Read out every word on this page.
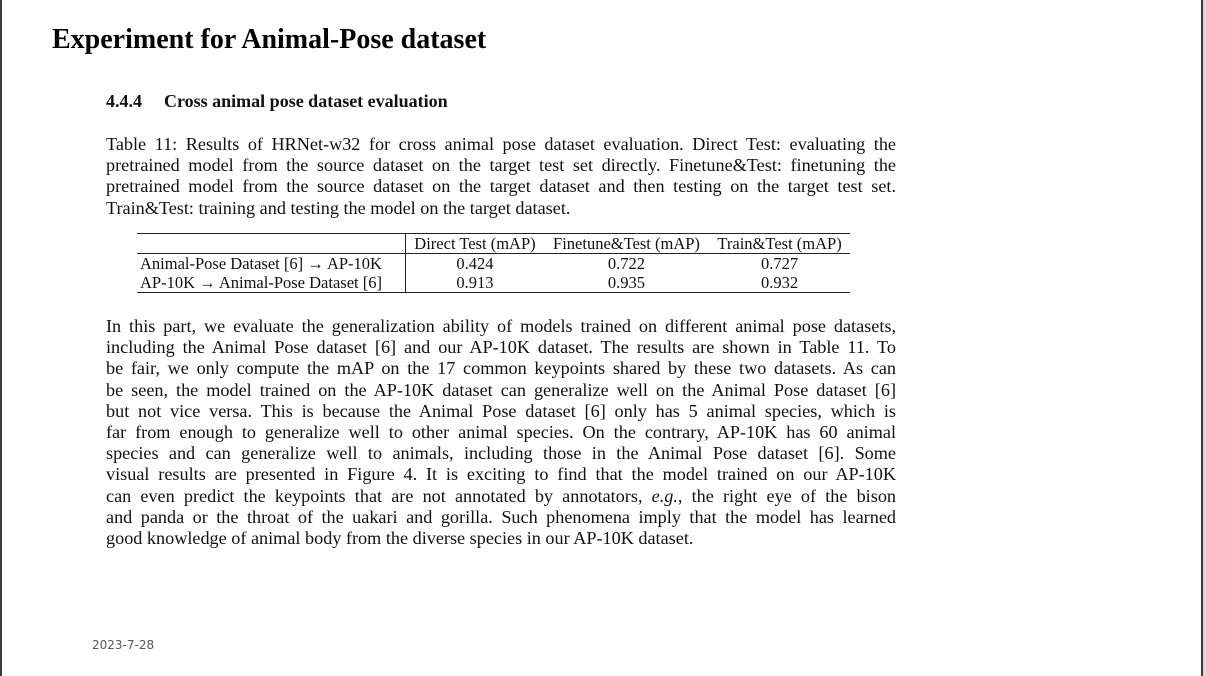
Experiment for Animal-Pose dataset
4.4.4 Cross animal pose dataset evaluation
Table 11: Results of HRNet-w32 for cross animal pose dataset evaluation. Direct Test: evaluating the
pretrained model from the source dataset on the target test set directly. Finetune&Test: finetuning the
pretrained model from the source dataset on the target dataset and then testing on the target test set.
Train&Test: training and testing the model on the target dataset.
	Direct Test (mAP)	Finetune&Test (mAP)	Train&Test (mAP)
Animal-Pose Dataset [6] → AP-10K	0.424	0.722	0.727
AP-10K → Animal-Pose Dataset [6]	0.913	0.935	0.932
In this part, we evaluate the generalization ability of models trained on different animal pose datasets,
including the Animal Pose dataset [6] and our AP-10K dataset. The results are shown in Table 11. To
be fair, we only compute the mAP on the 17 common keypoints shared by these two datasets. As can
be seen, the model trained on the AP-10K dataset can generalize well on the Animal Pose dataset [6]
but not vice versa. This is because the Animal Pose dataset [6] only has 5 animal species, which is
far from enough to generalize well to other animal species. On the contrary, AP-10K has 60 animal
species and can generalize well to animals, including those in the Animal Pose dataset [6]. Some
visual results are presented in Figure 4. It is exciting to find that the model trained on our AP-10K
can even predict the keypoints that are not annotated by annotators, e.g., the right eye of the bison
and panda or the throat of the uakari and gorilla. Such phenomena imply that the model has learned
good knowledge of animal body from the diverse species in our AP-10K dataset.
2023-7-28
